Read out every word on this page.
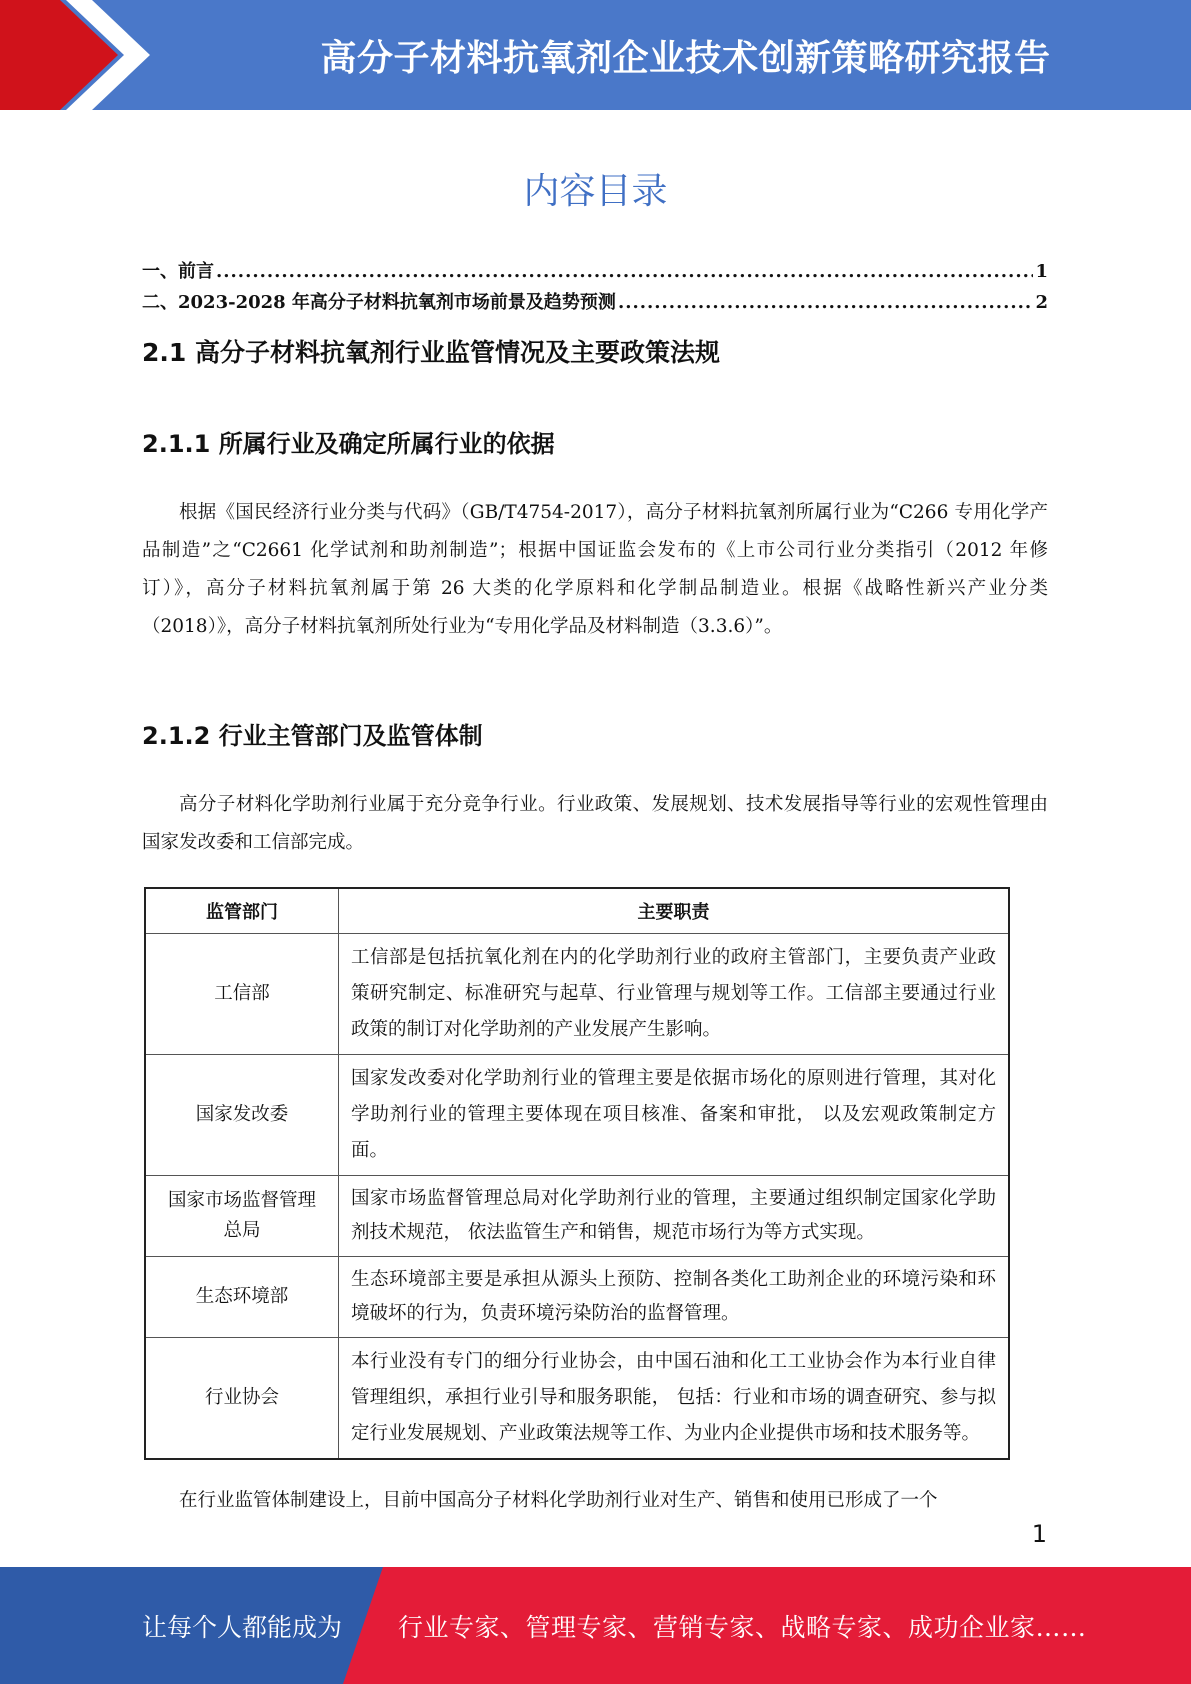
高分子材料抗氧剂企业技术创新策略研究报告
内容目录
一、前言 .....	1
二、2023-2028 年高分子材料抗氧剂市场前景及趋势预测 .....	2
2.1 高分子材料抗氧剂行业监管情况及主要政策法规
2.1.1 所属行业及确定所属行业的依据
根据《国民经济行业分类与代码》（GB/T4754-2017），高分子材料抗氧剂所属行业为“C266 专用化学产品制造”之“C2661 化学试剂和助剂制造”；根据中国证监会发布的《上市公司行业分类指引（2012 年修订）》，高分子材料抗氧剂属于第 26 大类的化学原料和化学制品制造业。根据《战略性新兴产业分类（2018）》，高分子材料抗氧剂所处行业为“专用化学品及材料制造（3.3.6）”。
2.1.2 行业主管部门及监管体制
高分子材料化学助剂行业属于充分竞争行业。行业政策、发展规划、技术发展指导等行业的宏观性管理由国家发改委和工信部完成。
监管部门	主要职责
工信部	工信部是包括抗氧化剂在内的化学助剂行业的政府主管部门，主要负责产业政策研究制定、标准研究与起草、行业管理与规划等工作。工信部主要通过行业政策的制订对化学助剂的产业发展产生影响。
国家发改委	国家发改委对化学助剂行业的管理主要是依据市场化的原则进行管理，其对化学助剂行业的管理主要体现在项目核准、备案和审批， 以及宏观政策制定方面。
国家市场监督管理总局	国家市场监督管理总局对化学助剂行业的管理，主要通过组织制定国家化学助剂技术规范， 依法监管生产和销售，规范市场行为等方式实现。
生态环境部	生态环境部主要是承担从源头上预防、控制各类化工助剂企业的环境污染和环境破坏的行为，负责环境污染防治的监督管理。
行业协会	本行业没有专门的细分行业协会，由中国石油和化工工业协会作为本行业自律管理组织，承担行业引导和服务职能， 包括：行业和市场的调查研究、参与拟定行业发展规划、产业政策法规等工作、为业内企业提供市场和技术服务等。
在行业监管体制建设上，目前中国高分子材料化学助剂行业对生产、销售和使用已形成了一个
1
让每个人都能成为 行业专家、管理专家、营销专家、战略专家、成功企业家……
